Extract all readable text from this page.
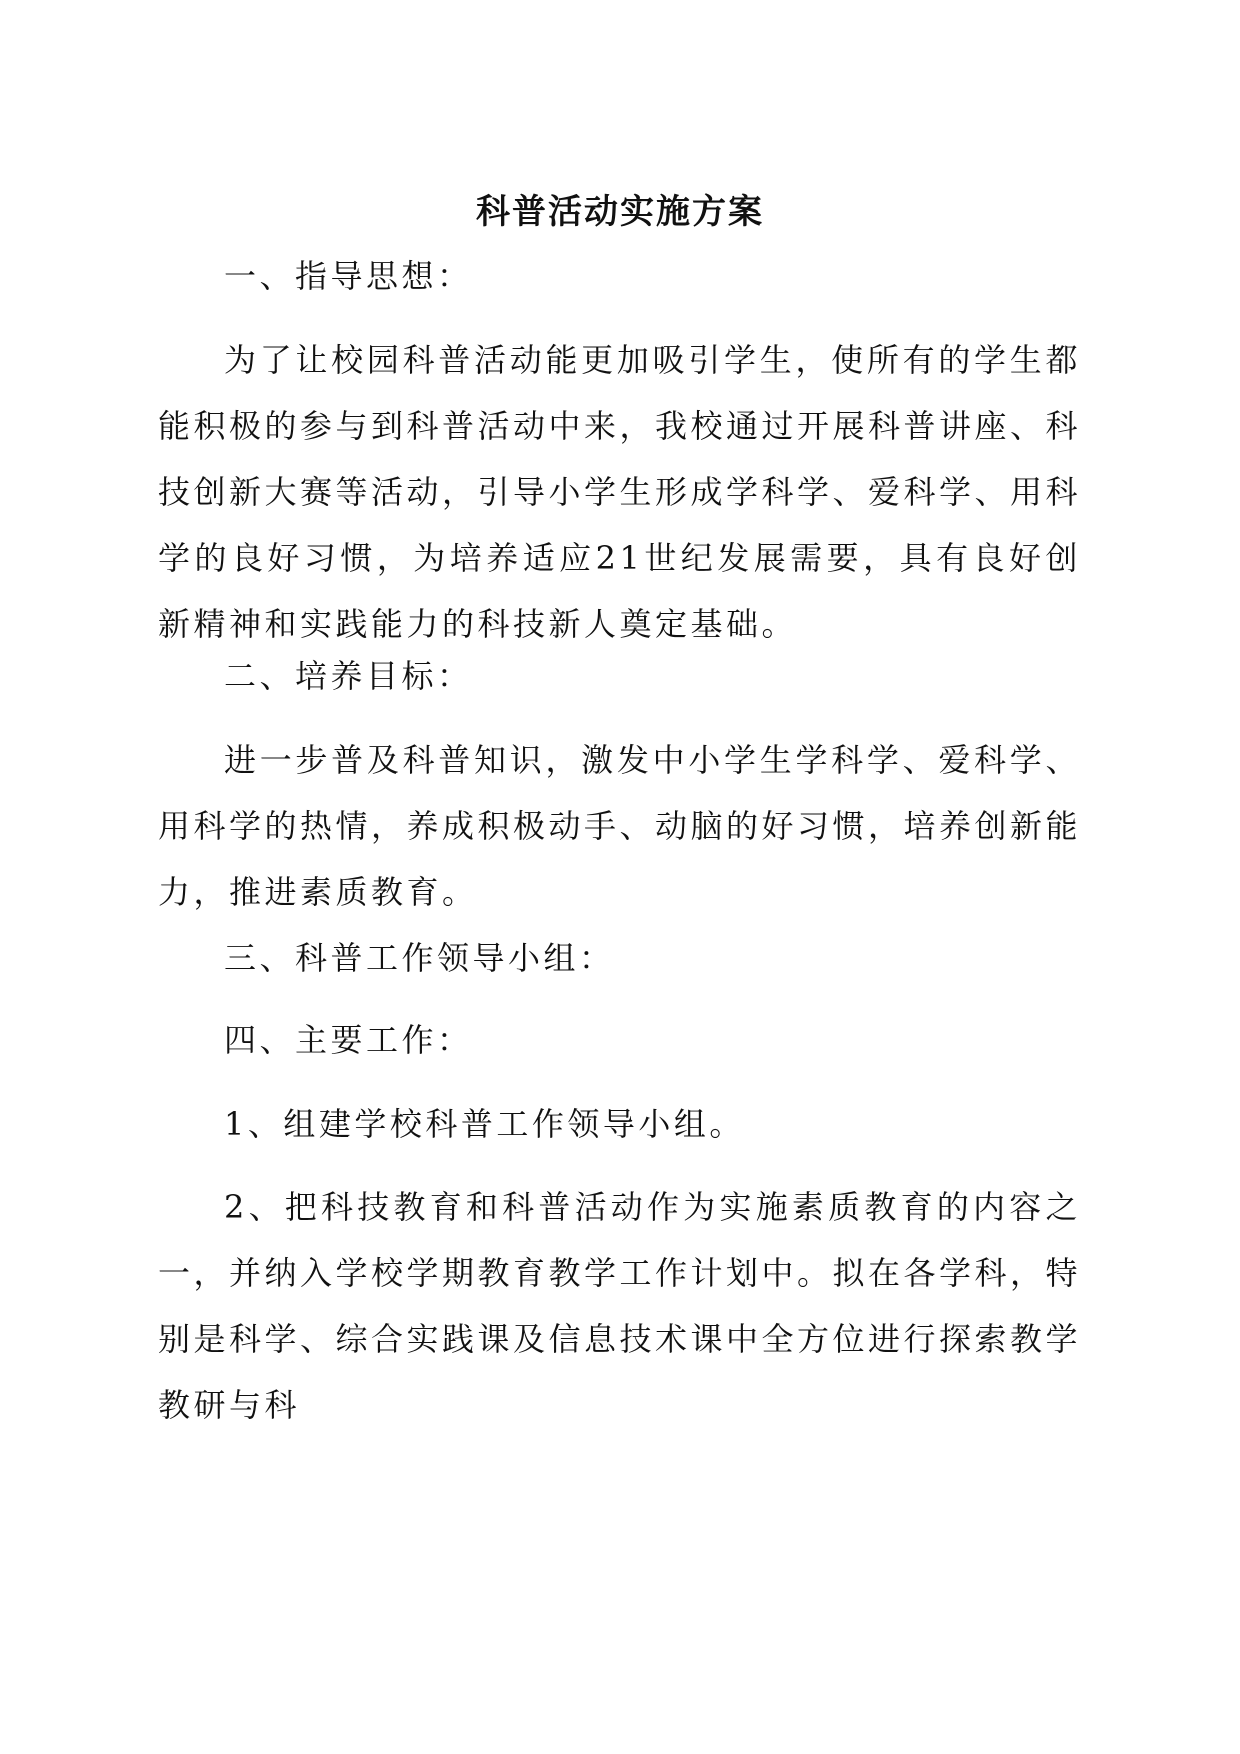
科普活动实施方案
一、指导思想：
为了让校园科普活动能更加吸引学生，使所有的学生都能积极的参与到科普活动中来，我校通过开展科普讲座、科技创新大赛等活动，引导小学生形成学科学、爱科学、用科学的良好习惯，为培养适应21世纪发展需要，具有良好创新精神和实践能力的科技新人奠定基础。
二、培养目标：
进一步普及科普知识，激发中小学生学科学、爱科学、用科学的热情，养成积极动手、动脑的好习惯，培养创新能力，推进素质教育。
三、科普工作领导小组：
四、主要工作：
1、组建学校科普工作领导小组。
2、把科技教育和科普活动作为实施素质教育的内容之一，并纳入学校学期教育教学工作计划中。拟在各学科，特别是科学、综合实践课及信息技术课中全方位进行探索教学教研与科
